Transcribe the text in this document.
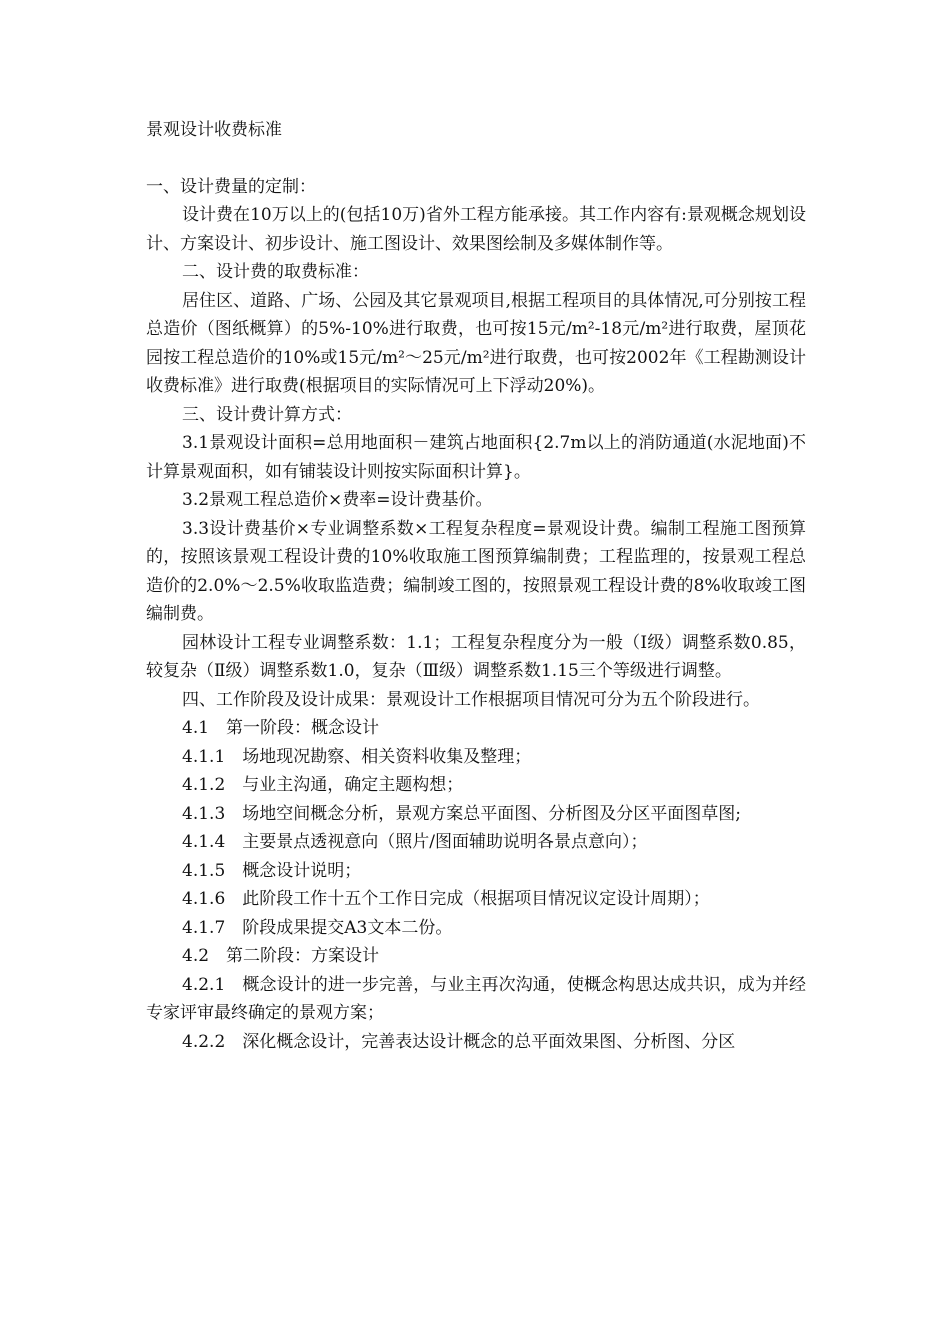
景观设计收费标准

一、设计费量的定制：

设计费在10万以上的(包括10万)省外工程方能承接。其工作内容有:景观概念规划设计、方案设计、初步设计、施工图设计、效果图绘制及多媒体制作等。

二、设计费的取费标准：

居住区、道路、广场、公园及其它景观项目,根据工程项目的具体情况,可分别按工程总造价（图纸概算）的5%-10%进行取费，也可按15元/m²-18元/m²进行取费，屋顶花园按工程总造价的10%或15元/m²～25元/m²进行取费，也可按2002年《工程勘测设计收费标准》进行取费(根据项目的实际情况可上下浮动20%)。

三、设计费计算方式：

3.1景观设计面积=总用地面积－建筑占地面积{2.7m以上的消防通道(水泥地面)不计算景观面积，如有铺装设计则按实际面积计算}。

3.2景观工程总造价×费率=设计费基价。

3.3设计费基价×专业调整系数×工程复杂程度=景观设计费。编制工程施工图预算的，按照该景观工程设计费的10%收取施工图预算编制费；工程监理的，按景观工程总造价的2.0%～2.5%收取监造费；编制竣工图的，按照景观工程设计费的8%收取竣工图编制费。

园林设计工程专业调整系数：1.1；工程复杂程度分为一般（Ⅰ级）调整系数0.85，较复杂（Ⅱ级）调整系数1.0，复杂（Ⅲ级）调整系数1.15三个等级进行调整。

四、工作阶段及设计成果：景观设计工作根据项目情况可分为五个阶段进行。

4.1　第一阶段：概念设计

4.1.1　场地现况勘察、相关资料收集及整理；

4.1.2　与业主沟通，确定主题构想；

4.1.3　场地空间概念分析，景观方案总平面图、分析图及分区平面图草图;

4.1.4　主要景点透视意向（照片/图面辅助说明各景点意向）；

4.1.5　概念设计说明；

4.1.6　此阶段工作十五个工作日完成（根据项目情况议定设计周期）；

4.1.7　阶段成果提交A3文本二份。

4.2　第二阶段：方案设计

4.2.1　概念设计的进一步完善，与业主再次沟通，使概念构思达成共识，成为并经专家评审最终确定的景观方案；

4.2.2　深化概念设计，完善表达设计概念的总平面效果图、分析图、分区
